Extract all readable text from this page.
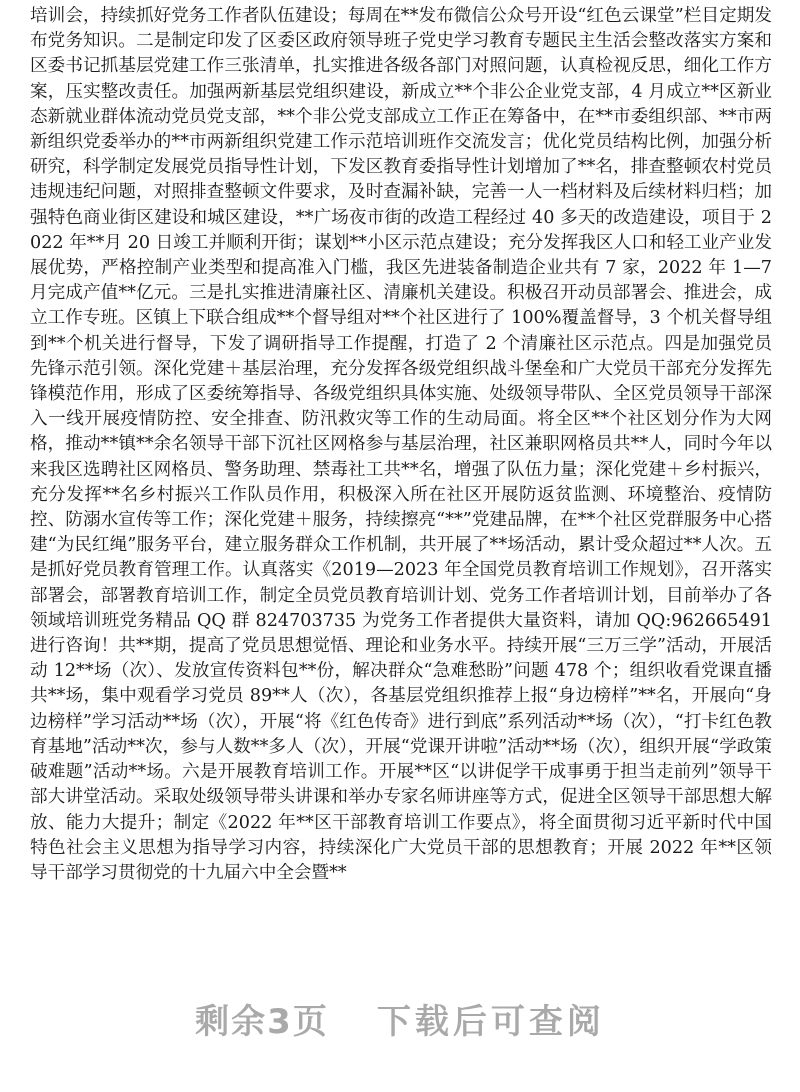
培训会，持续抓好党务工作者队伍建设；每周在**发布微信公众号开设“红色云课堂”栏目定期发布党务知识。二是制定印发了区委区政府领导班子党史学习教育专题民主生活会整改落实方案和区委书记抓基层党建工作三张清单，扎实推进各级各部门对照问题，认真检视反思，细化工作方案，压实整改责任。加强两新基层党组织建设，新成立**个非公企业党支部，4 月成立**区新业态新就业群体流动党员党支部，**个非公党支部成立工作正在筹备中，在**市委组织部、**市两新组织党委举办的**市两新组织党建工作示范培训班作交流发言；优化党员结构比例，加强分析研究，科学制定发展党员指导性计划，下发区教育委指导性计划增加了**名，排查整顿农村党员违规违纪问题，对照排查整顿文件要求，及时查漏补缺，完善一人一档材料及后续材料归档；加强特色商业街区建设和城区建设，**广场夜市街的改造工程经过 40 多天的改造建设，项目于 2022 年**月 20 日竣工并顺利开街；谋划**小区示范点建设；充分发挥我区人口和轻工业产业发展优势，严格控制产业类型和提高准入门槛，我区先进装备制造企业共有 7 家，2022 年 1—7 月完成产值**亿元。三是扎实推进清廉社区、清廉机关建设。积极召开动员部署会、推进会，成立工作专班。区镇上下联合组成**个督导组对**个社区进行了 100%覆盖督导，3 个机关督导组到**个机关进行督导，下发了调研指导工作提醒，打造了 2 个清廉社区示范点。四是加强党员先锋示范引领。深化党建＋基层治理，充分发挥各级党组织战斗堡垒和广大党员干部充分发挥先锋模范作用，形成了区委统筹指导、各级党组织具体实施、处级领导带队、全区党员领导干部深入一线开展疫情防控、安全排查、防汛救灾等工作的生动局面。将全区**个社区划分作为大网格，推动**镇**余名领导干部下沉社区网格参与基层治理，社区兼职网格员共**人，同时今年以来我区选聘社区网格员、警务助理、禁毒社工共**名，增强了队伍力量；深化党建＋乡村振兴，充分发挥**名乡村振兴工作队员作用，积极深入所在社区开展防返贫监测、环境整治、疫情防控、防溺水宣传等工作；深化党建＋服务，持续擦亮“**”党建品牌，在**个社区党群服务中心搭建“为民红绳”服务平台，建立服务群众工作机制，共开展了**场活动，累计受众超过**人次。五是抓好党员教育管理工作。认真落实《2019—2023 年全国党员教育培训工作规划》，召开落实部署会，部署教育培训工作，制定全员党员教育培训计划、党务工作者培训计划，目前举办了各领域培训班党务精品 QQ 群 824703735 为党务工作者提供大量资料，请加 QQ:962665491 进行咨询！共**期，提高了党员思想觉悟、理论和业务水平。持续开展“三万三学”活动，开展活动 12**场（次）、发放宣传资料包**份，解决群众“急难愁盼”问题 478 个；组织收看党课直播共**场，集中观看学习党员 89**人（次），各基层党组织推荐上报“身边榜样”**名，开展向“身边榜样”学习活动**场（次），开展“将《红色传奇》进行到底”系列活动**场（次），“打卡红色教育基地”活动**次，参与人数**多人（次），开展“党课开讲啦”活动**场（次），组织开展“学政策破难题”活动**场。六是开展教育培训工作。开展**区“以讲促学干成事勇于担当走前列”领导干部大讲堂活动。采取处级领导带头讲课和举办专家名师讲座等方式，促进全区领导干部思想大解放、能力大提升；制定《2022 年**区干部教育培训工作要点》，将全面贯彻习近平新时代中国特色社会主义思想为指导学习内容，持续深化广大党员干部的思想教育；开展 2022 年**区领导干部学习贯彻党的十九届六中全会暨**

剩余3页 下载后可查阅
